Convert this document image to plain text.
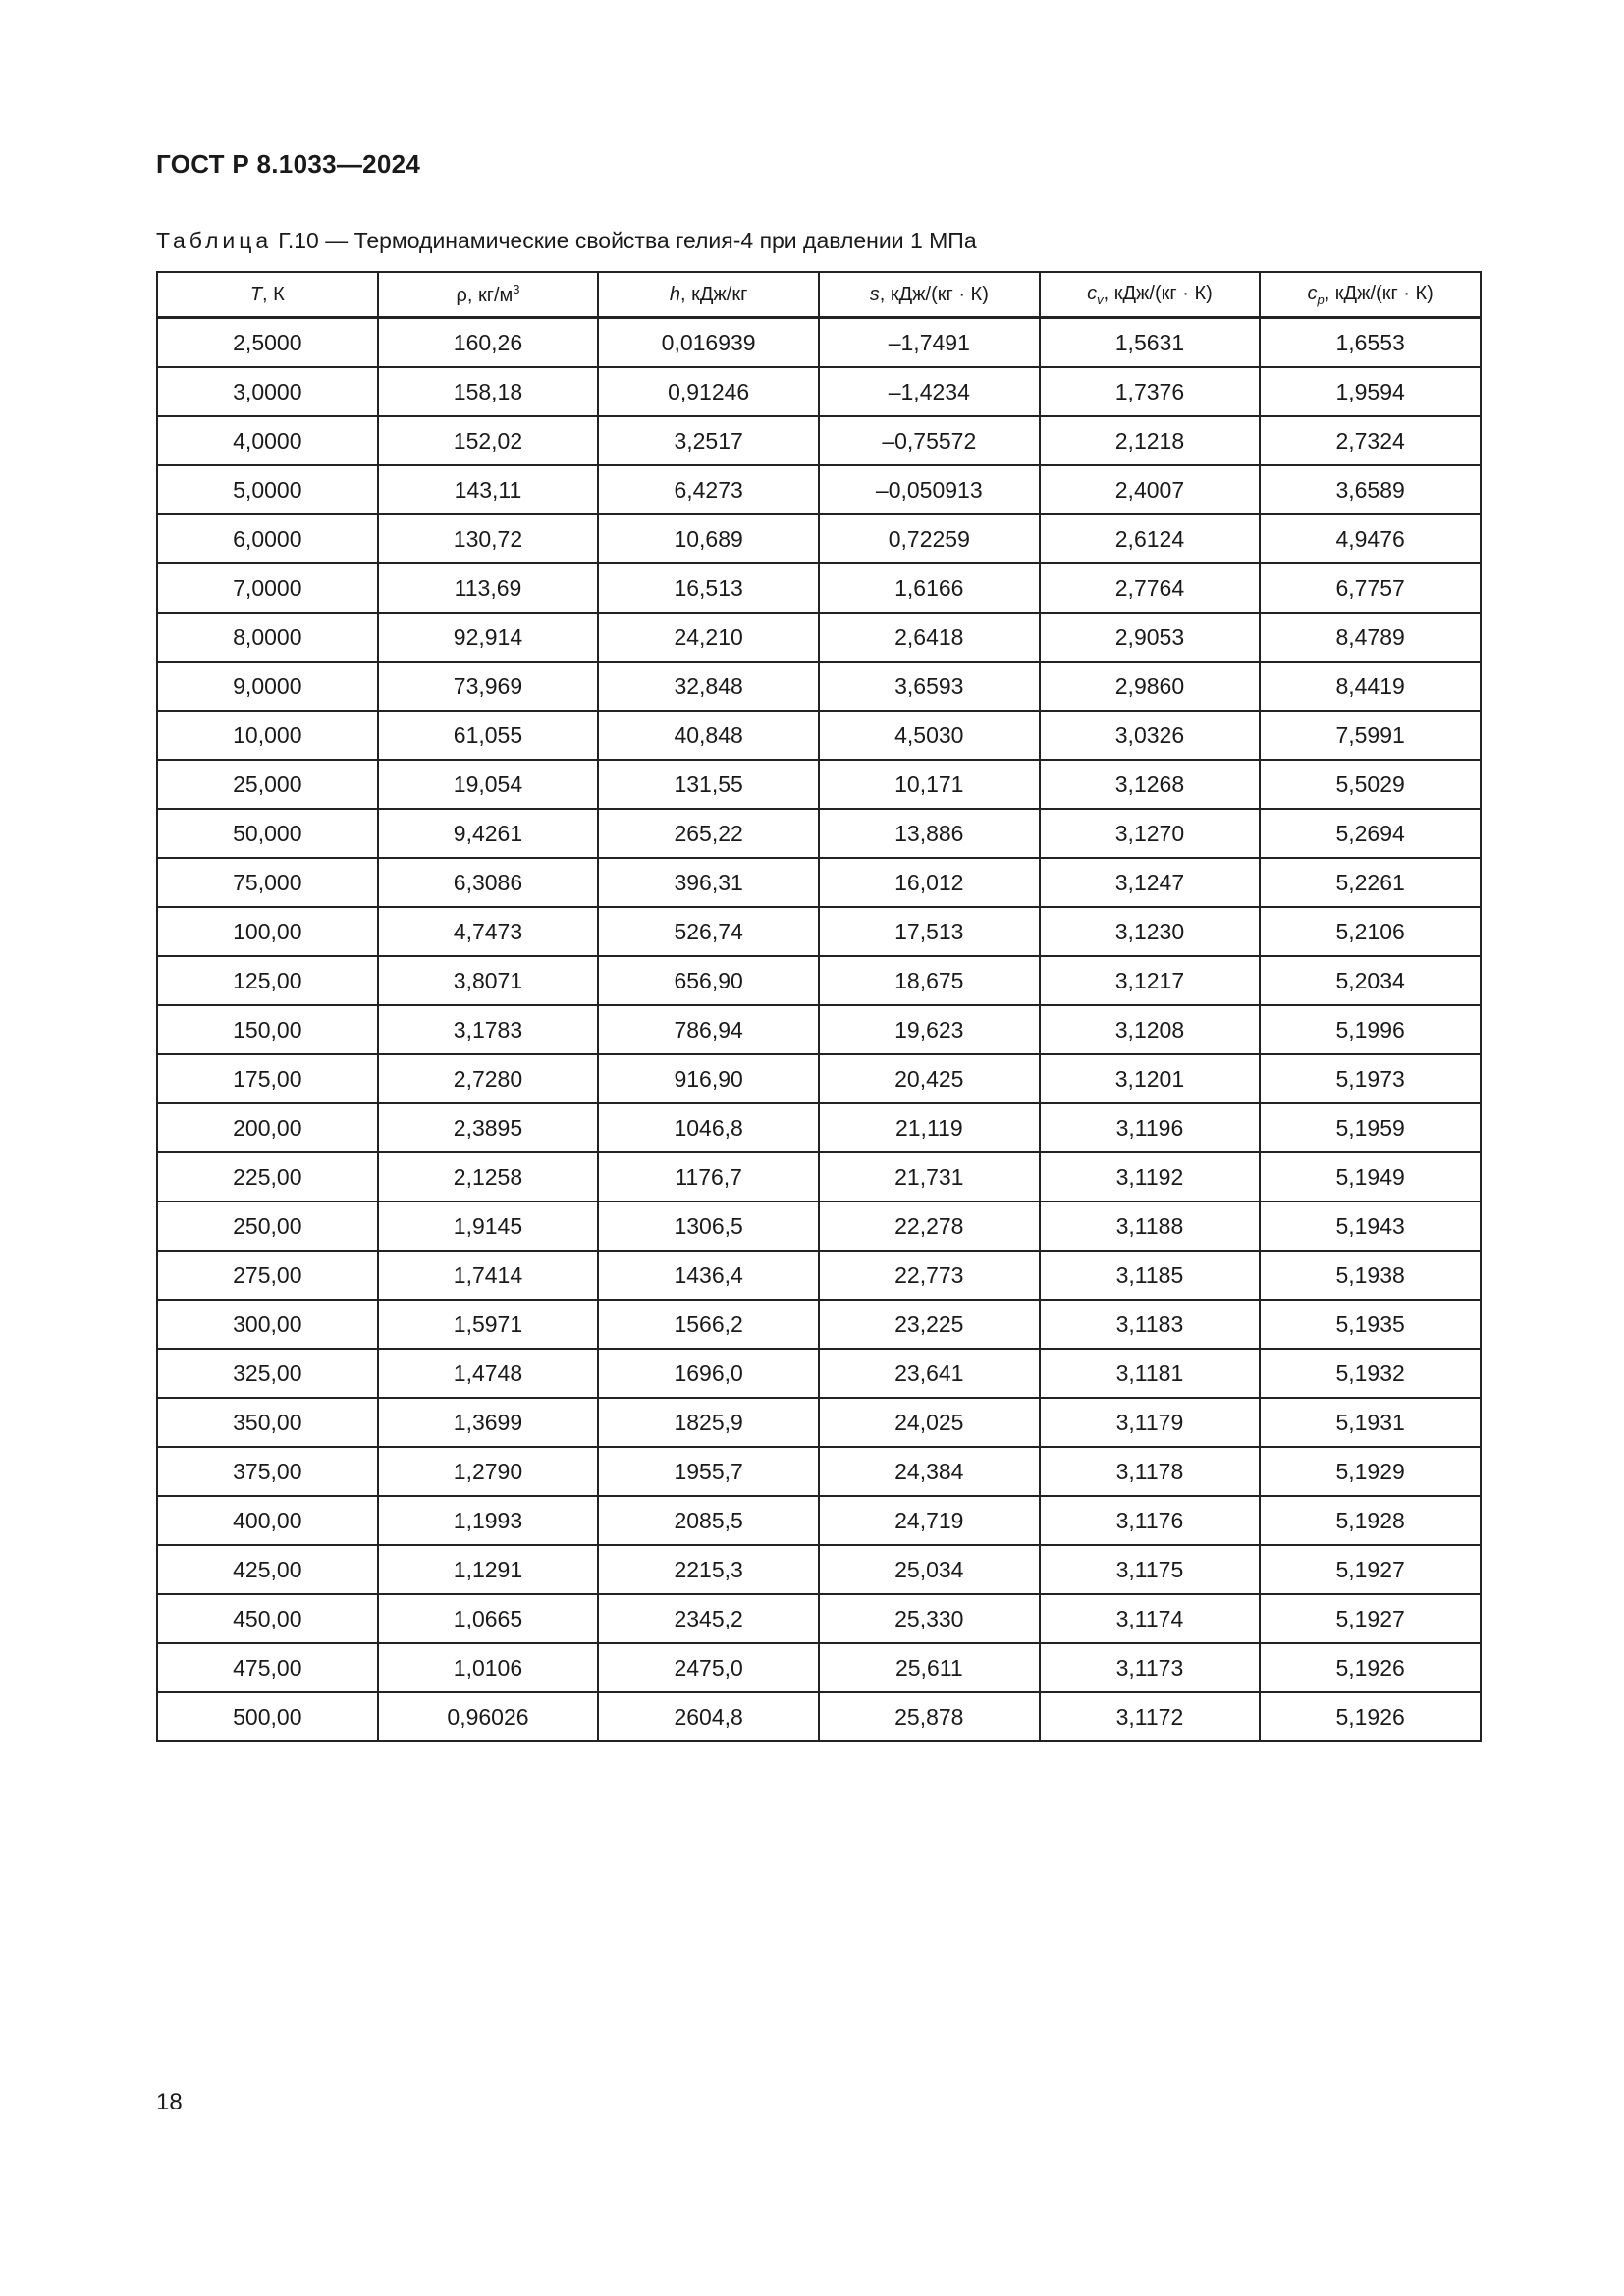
ГОСТ Р 8.1033—2024
Таблица Г.10 — Термодинамические свойства гелия-4 при давлении 1 МПа
T, К	ρ, $кг/м^3$	h, кДж/кг	s, кДж/(кг · К)	$c_v$, кДж/(кг · К)	$c_p$, кДж/(кг · К)
2,5000	160,26	0,016939	–1,7491	1,5631	1,6553
3,0000	158,18	0,91246	–1,4234	1,7376	1,9594
4,0000	152,02	3,2517	–0,75572	2,1218	2,7324
5,0000	143,11	6,4273	–0,050913	2,4007	3,6589
6,0000	130,72	10,689	0,72259	2,6124	4,9476
7,0000	113,69	16,513	1,6166	2,7764	6,7757
8,0000	92,914	24,210	2,6418	2,9053	8,4789
9,0000	73,969	32,848	3,6593	2,9860	8,4419
10,000	61,055	40,848	4,5030	3,0326	7,5991
25,000	19,054	131,55	10,171	3,1268	5,5029
50,000	9,4261	265,22	13,886	3,1270	5,2694
75,000	6,3086	396,31	16,012	3,1247	5,2261
100,00	4,7473	526,74	17,513	3,1230	5,2106
125,00	3,8071	656,90	18,675	3,1217	5,2034
150,00	3,1783	786,94	19,623	3,1208	5,1996
175,00	2,7280	916,90	20,425	3,1201	5,1973
200,00	2,3895	1046,8	21,119	3,1196	5,1959
225,00	2,1258	1176,7	21,731	3,1192	5,1949
250,00	1,9145	1306,5	22,278	3,1188	5,1943
275,00	1,7414	1436,4	22,773	3,1185	5,1938
300,00	1,5971	1566,2	23,225	3,1183	5,1935
325,00	1,4748	1696,0	23,641	3,1181	5,1932
350,00	1,3699	1825,9	24,025	3,1179	5,1931
375,00	1,2790	1955,7	24,384	3,1178	5,1929
400,00	1,1993	2085,5	24,719	3,1176	5,1928
425,00	1,1291	2215,3	25,034	3,1175	5,1927
450,00	1,0665	2345,2	25,330	3,1174	5,1927
475,00	1,0106	2475,0	25,611	3,1173	5,1926
500,00	0,96026	2604,8	25,878	3,1172	5,1926
18
